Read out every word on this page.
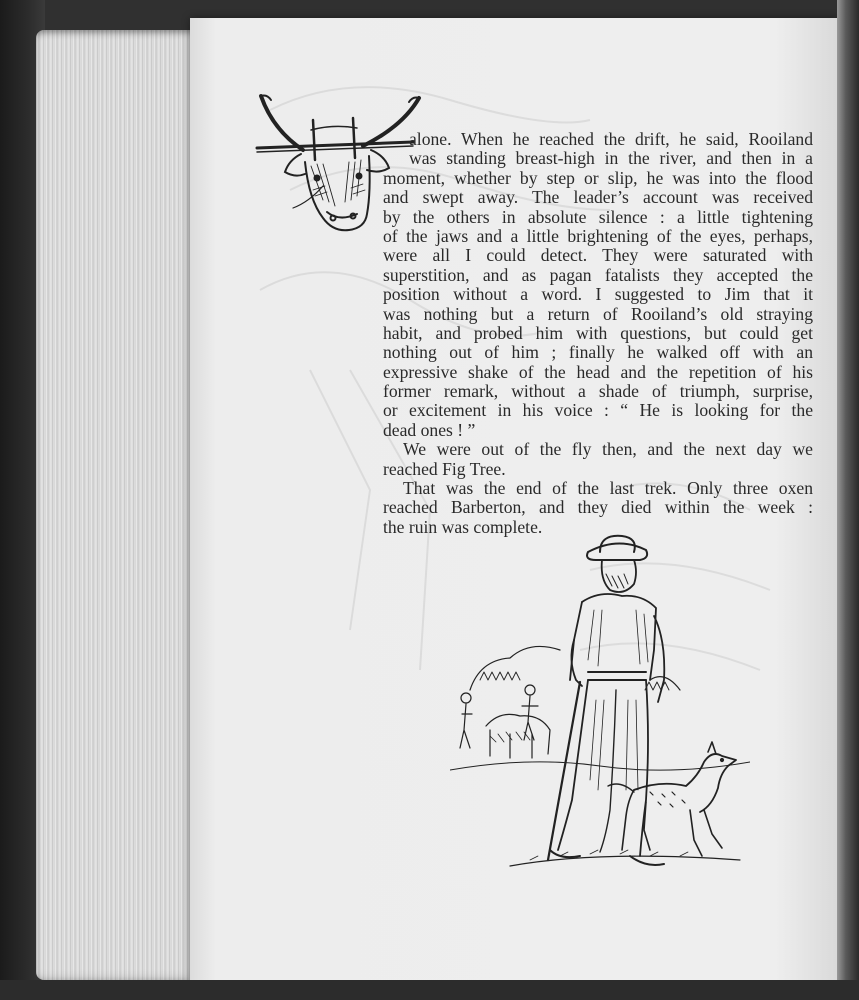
alone. When he reached the drift, he said, Rooiland
was standing breast-high in the river, and then in a
moment, whether by step or slip, he was into the flood
and swept away. The leader’s account was received
by the others in absolute silence : a little tightening
of the jaws and a little brightening of the eyes, perhaps,
were all I could detect. They were saturated with
superstition, and as pagan fatalists they accepted the
position without a word. I suggested to Jim that it
was nothing but a return of Rooiland’s old straying
habit, and probed him with questions, but could get
nothing out of him ; finally he walked off with an
expressive shake of the head and the repetition of his
former remark, without a shade of triumph, surprise,
or excitement in his voice : “ He is looking for the
dead ones ! ”
We were out of the fly then, and the next day we
reached Fig Tree.
That was the end of the last trek. Only three oxen
reached Barberton, and they died within the week :
the ruin was complete.
